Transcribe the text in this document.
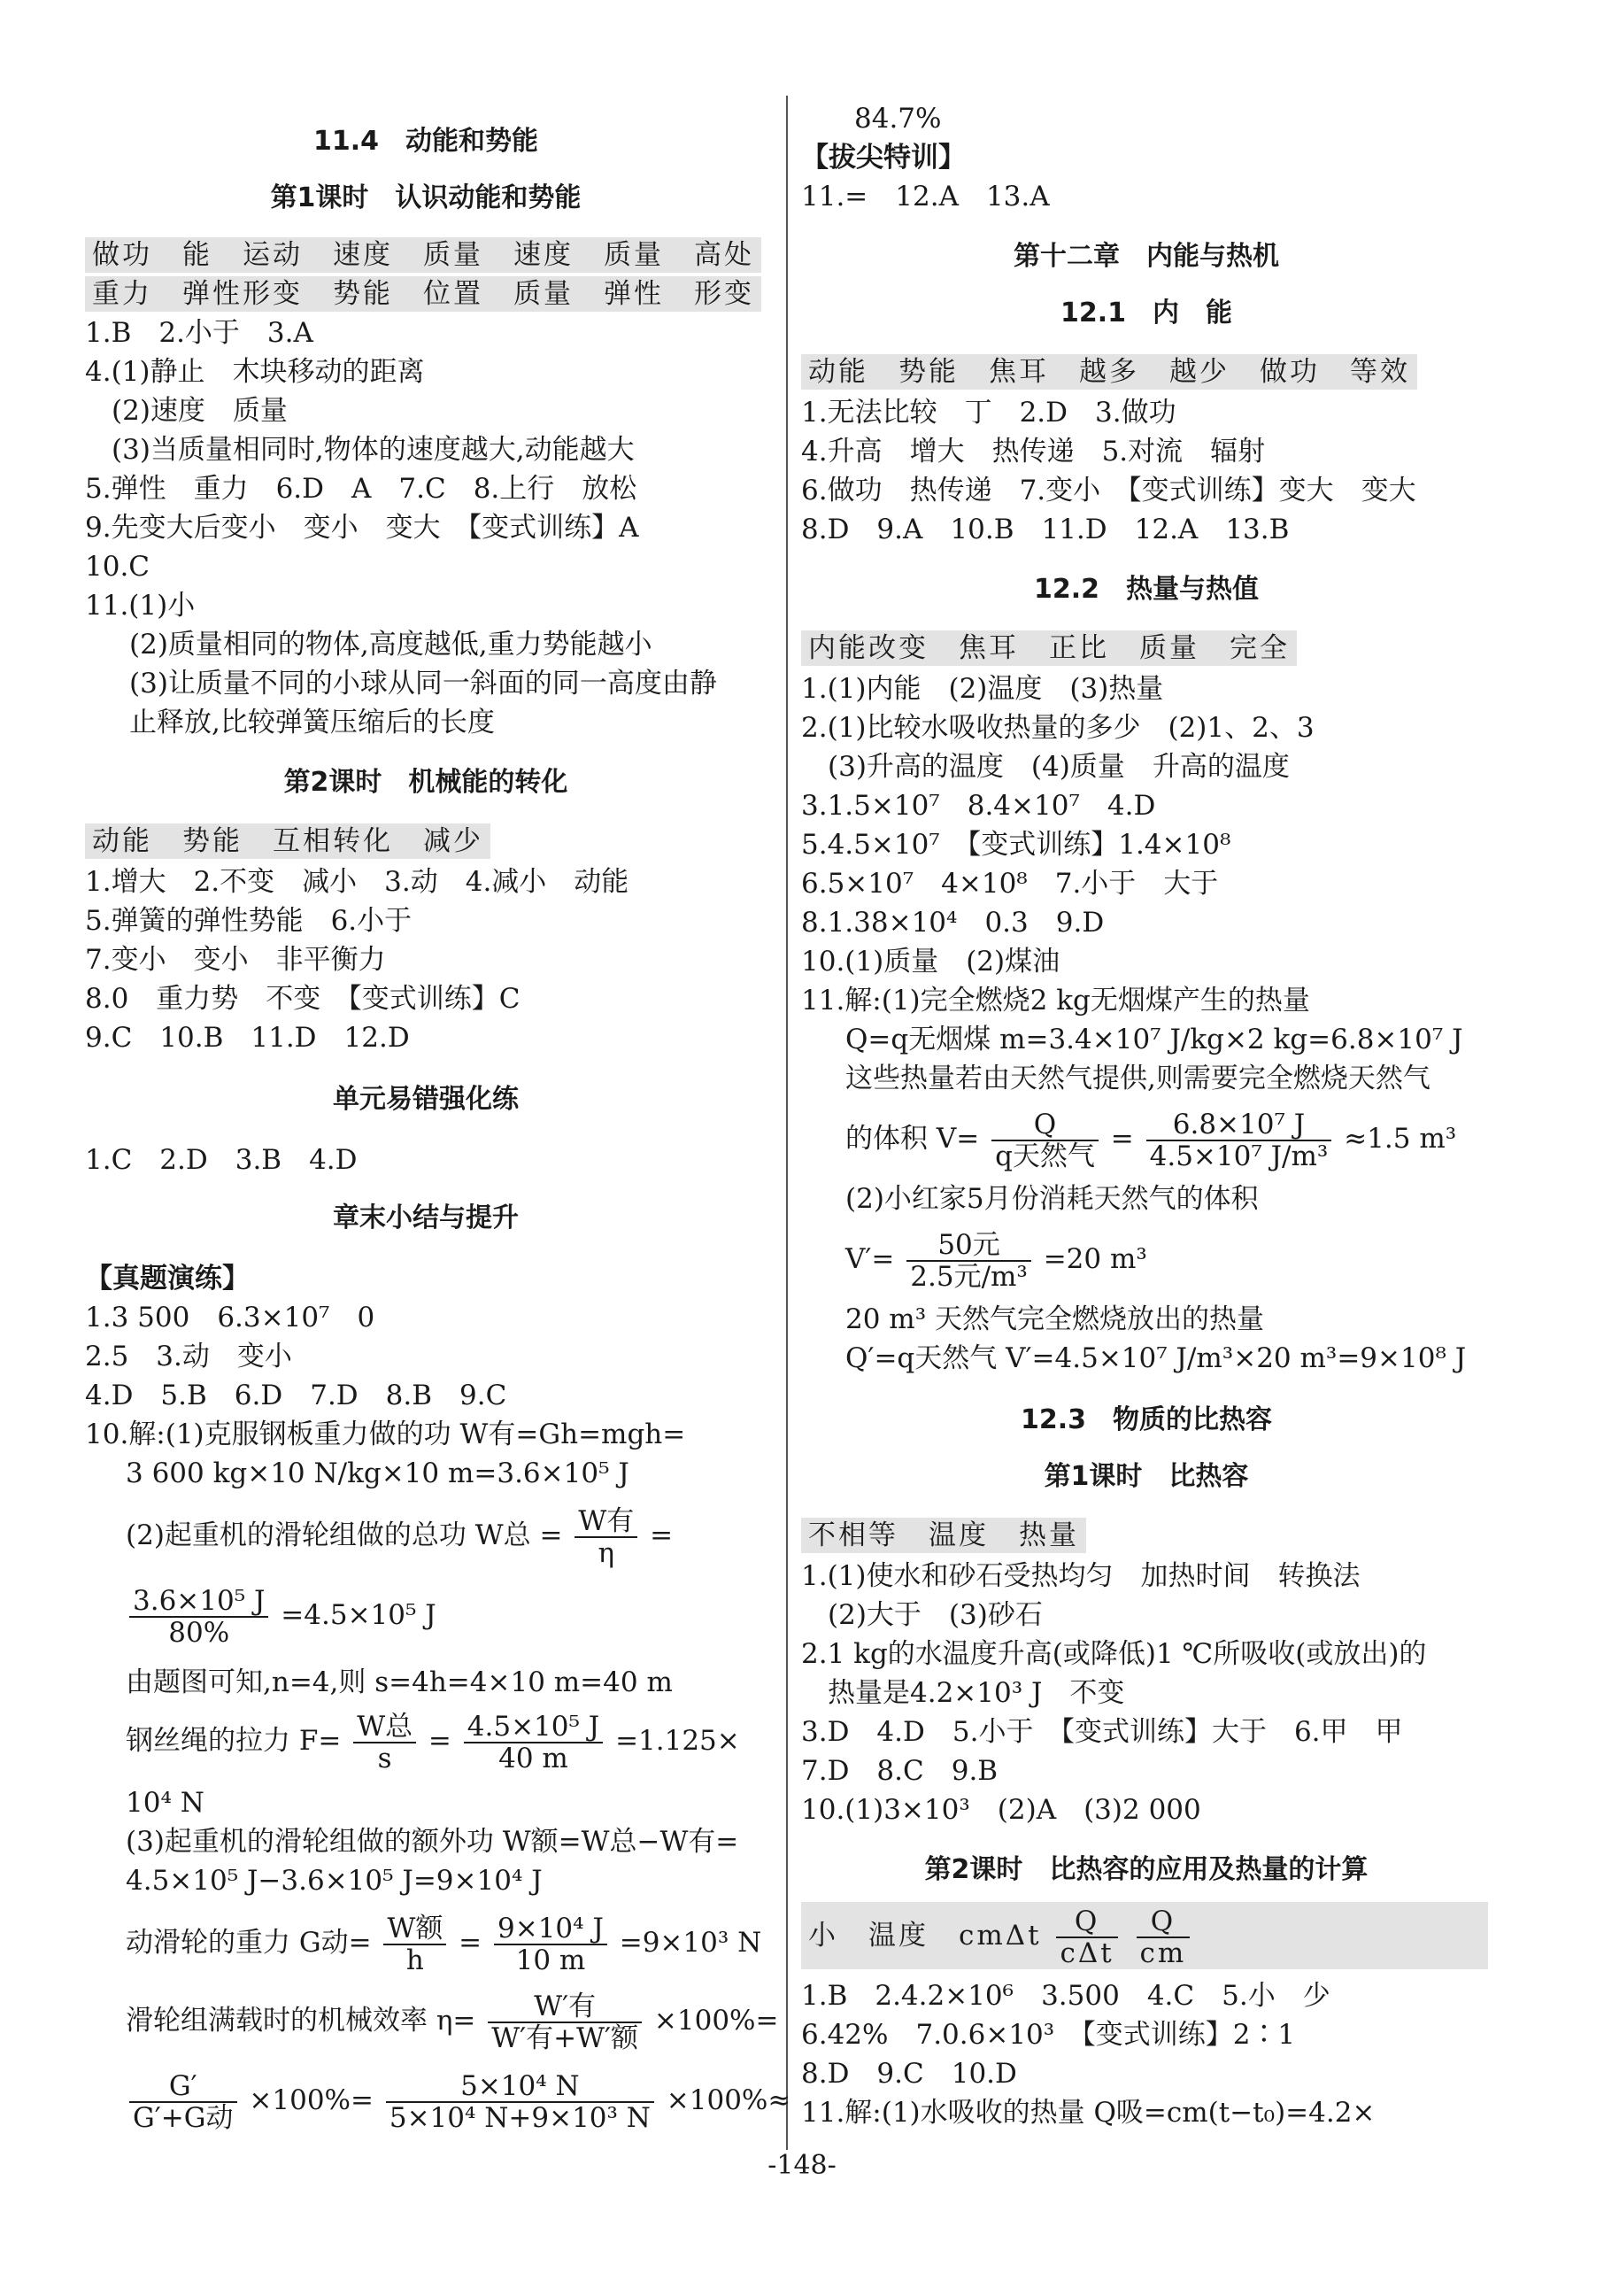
11.4　动能和势能
第1课时　认识动能和势能
做功　能　运动　速度　质量　速度　质量　高处
重力　弹性形变　势能　位置　质量　弹性　形变
1.B　2.小于　3.A
4.(1)静止　木块移动的距离
(2)速度　质量
(3)当质量相同时,物体的速度越大,动能越大
5.弹性　重力　6.D　A　7.C　8.上行　放松
9.先变大后变小　变小　变大　【变式训练】A
10.C
11.(1)小
(2)质量相同的物体,高度越低,重力势能越小
(3)让质量不同的小球从同一斜面的同一高度由静
止释放,比较弹簧压缩后的长度
第2课时　机械能的转化
动能　势能　互相转化　减少
1.增大　2.不变　减小　3.动　4.减小　动能
5.弹簧的弹性势能　6.小于
7.变小　变小　非平衡力
8.0　重力势　不变　【变式训练】C
9.C　10.B　11.D　12.D
单元易错强化练
1.C　2.D　3.B　4.D
章末小结与提升
【真题演练】
1.3 500　6.3×10⁷　0
2.5　3.动　变小
4.D　5.B　6.D　7.D　8.B　9.C
10.解:(1)克服钢板重力做的功 W有=Gh=mgh=
3 600 kg×10 N/kg×10 m=3.6×10⁵ J
(2)起重机的滑轮组做的总功 W总 = $\frac{\text{W有}}{\eta}$ =
$\frac{\text{3.6×10⁵ J}}{80\%} =4.5\times 10^5$ J
由题图可知,n=4,则 s=4h=4×10 m=40 m
钢丝绳的拉力 $F= \frac{\text{W总}}{s} = \frac{\text{4.5×10⁵ J}}{40 m} =1.125\times$
10⁴ N
(3)起重机的滑轮组做的额外功 W额=W总−W有=
4.5×10⁵ J−3.6×10⁵ J=9×10⁴ J
动滑轮的重力 G动= $\frac{\text{W额}}{h} = \frac{\text{9×10⁴ J}}{10 m} =9\times 10^3$ N
滑轮组满载时的机械效率 $\eta= \frac{\text{W′有}}{\text{W′有+W′额}} \times 100\%=$
$\frac{G'}{\text{G′+G动}} \times 100\%= \frac{\text{5×10⁴ N}}{\text{5×10⁴ N+9×10³ N}} \times 100\%\approx$
84.7%
【拔尖特训】
11.=　12.A　13.A
第十二章　内能与热机
12.1　内　能
动能　势能　焦耳　越多　越少　做功　等效
1.无法比较　丁　2.D　3.做功
4.升高　增大　热传递　5.对流　辐射
6.做功　热传递　7.变小　【变式训练】变大　变大
8.D　9.A　10.B　11.D　12.A　13.B
12.2　热量与热值
内能改变　焦耳　正比　质量　完全
1.(1)内能　(2)温度　(3)热量
2.(1)比较水吸收热量的多少　(2)1、2、3
(3)升高的温度　(4)质量　升高的温度
3.1.5×10⁷　8.4×10⁷　4.D
5.4.5×10⁷　【变式训练】1.4×10⁸
6.5×10⁷　4×10⁸　7.小于　大于
8.1.38×10⁴　0.3　9.D
10.(1)质量　(2)煤油
11.解:(1)完全燃烧2 kg无烟煤产生的热量
Q=q无烟煤 m=3.4×10⁷ J/kg×2 kg=6.8×10⁷ J
这些热量若由天然气提供,则需要完全燃烧天然气
的体积 $V= \frac{Q}{\text{q天然气}} = \frac{\text{6.8×10⁷ J}}{\text{4.5×10⁷ J/m³}} \approx 1.5$ m³
(2)小红家5月份消耗天然气的体积
$V'= \frac{\text{50元}}{\text{2.5元/m³}} =20$ m³
20 m³ 天然气完全燃烧放出的热量
Q′=q天然气 V′=4.5×10⁷ J/m³×20 m³=9×10⁸ J
12.3　物质的比热容
第1课时　比热容
不相等　温度　热量
1.(1)使水和砂石受热均匀　加热时间　转换法
(2)大于　(3)砂石
2.1 kg的水温度升高(或降低)1 ℃所吸收(或放出)的
热量是4.2×10³ J　不变
3.D　4.D　5.小于　【变式训练】大于　6.甲　甲
7.D　8.C　9.B
10.(1)3×10³　(2)A　(3)2 000
第2课时　比热容的应用及热量的计算
小　温度　cmΔt $\frac{Q}{\text{cΔt}}$
$\frac{Q}{cm}$
1.B　2.4.2×10⁶　3.500　4.C　5.小　少
6.42%　7.0.6×10³　【变式训练】2∶1
8.D　9.C　10.D
11.解:(1)水吸收的热量 Q吸=cm(t−t₀)=4.2×
-148-
